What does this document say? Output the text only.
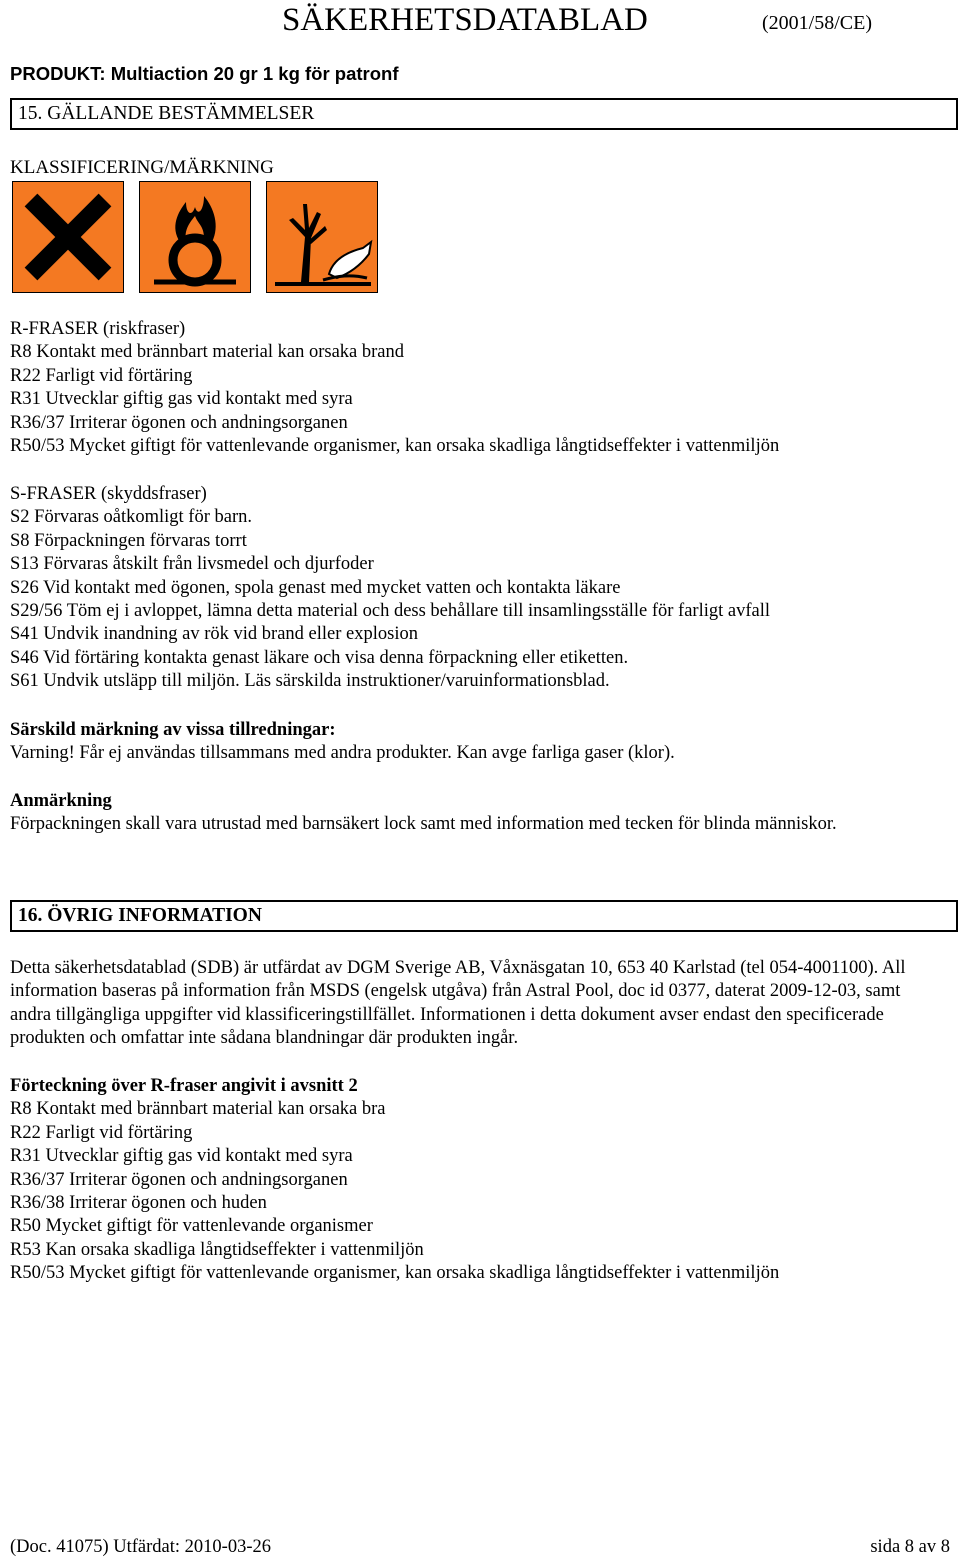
SÄKERHETSDATABLAD	(2001/58/CE)
PRODUKT: Multiaction 20 gr 1 kg för patronf
15. GÄLLANDE BESTÄMMELSER
KLASSIFICERING/MÄRKNING
R-FRASER (riskfraser)
R8 Kontakt med brännbart material kan orsaka brand
R22 Farligt vid förtäring
R31 Utvecklar giftig gas vid kontakt med syra
R36/37 Irriterar ögonen och andningsorganen
R50/53 Mycket giftigt för vattenlevande organismer, kan orsaka skadliga långtidseffekter i vattenmiljön
S-FRASER (skyddsfraser)
S2 Förvaras oåtkomligt för barn.
S8 Förpackningen förvaras torrt
S13 Förvaras åtskilt från livsmedel och djurfoder
S26 Vid kontakt med ögonen, spola genast med mycket vatten och kontakta läkare
S29/56 Töm ej i avloppet, lämna detta material och dess behållare till insamlingsställe för farligt avfall
S41 Undvik inandning av rök vid brand eller explosion
S46 Vid förtäring kontakta genast läkare och visa denna förpackning eller etiketten.
S61 Undvik utsläpp till miljön. Läs särskilda instruktioner/varuinformationsblad.
Särskild märkning av vissa tillredningar:
Varning! Får ej användas tillsammans med andra produkter. Kan avge farliga gaser (klor).
Anmärkning
Förpackningen skall vara utrustad med barnsäkert lock samt med information med tecken för blinda människor.
16. ÖVRIG INFORMATION
Detta säkerhetsdatablad (SDB) är utfärdat av DGM Sverige AB, Våxnäsgatan 10, 653 40 Karlstad (tel 054-4001100). All information baseras på information från MSDS (engelsk utgåva) från Astral Pool, doc id 0377, daterat 2009-12-03, samt andra tillgängliga uppgifter vid klassificeringstillfället. Informationen i detta dokument avser endast den specificerade produkten och omfattar inte sådana blandningar där produkten ingår.
Förteckning över R-fraser angivit i avsnitt 2
R8 Kontakt med brännbart material kan orsaka bra
R22 Farligt vid förtäring
R31 Utvecklar giftig gas vid kontakt med syra
R36/37 Irriterar ögonen och andningsorganen
R36/38 Irriterar ögonen och huden
R50 Mycket giftigt för vattenlevande organismer
R53 Kan orsaka skadliga långtidseffekter i vattenmiljön
R50/53 Mycket giftigt för vattenlevande organismer, kan orsaka skadliga långtidseffekter i vattenmiljön
(Doc. 41075) Utfärdat: 2010-03-26	sida 8 av 8
